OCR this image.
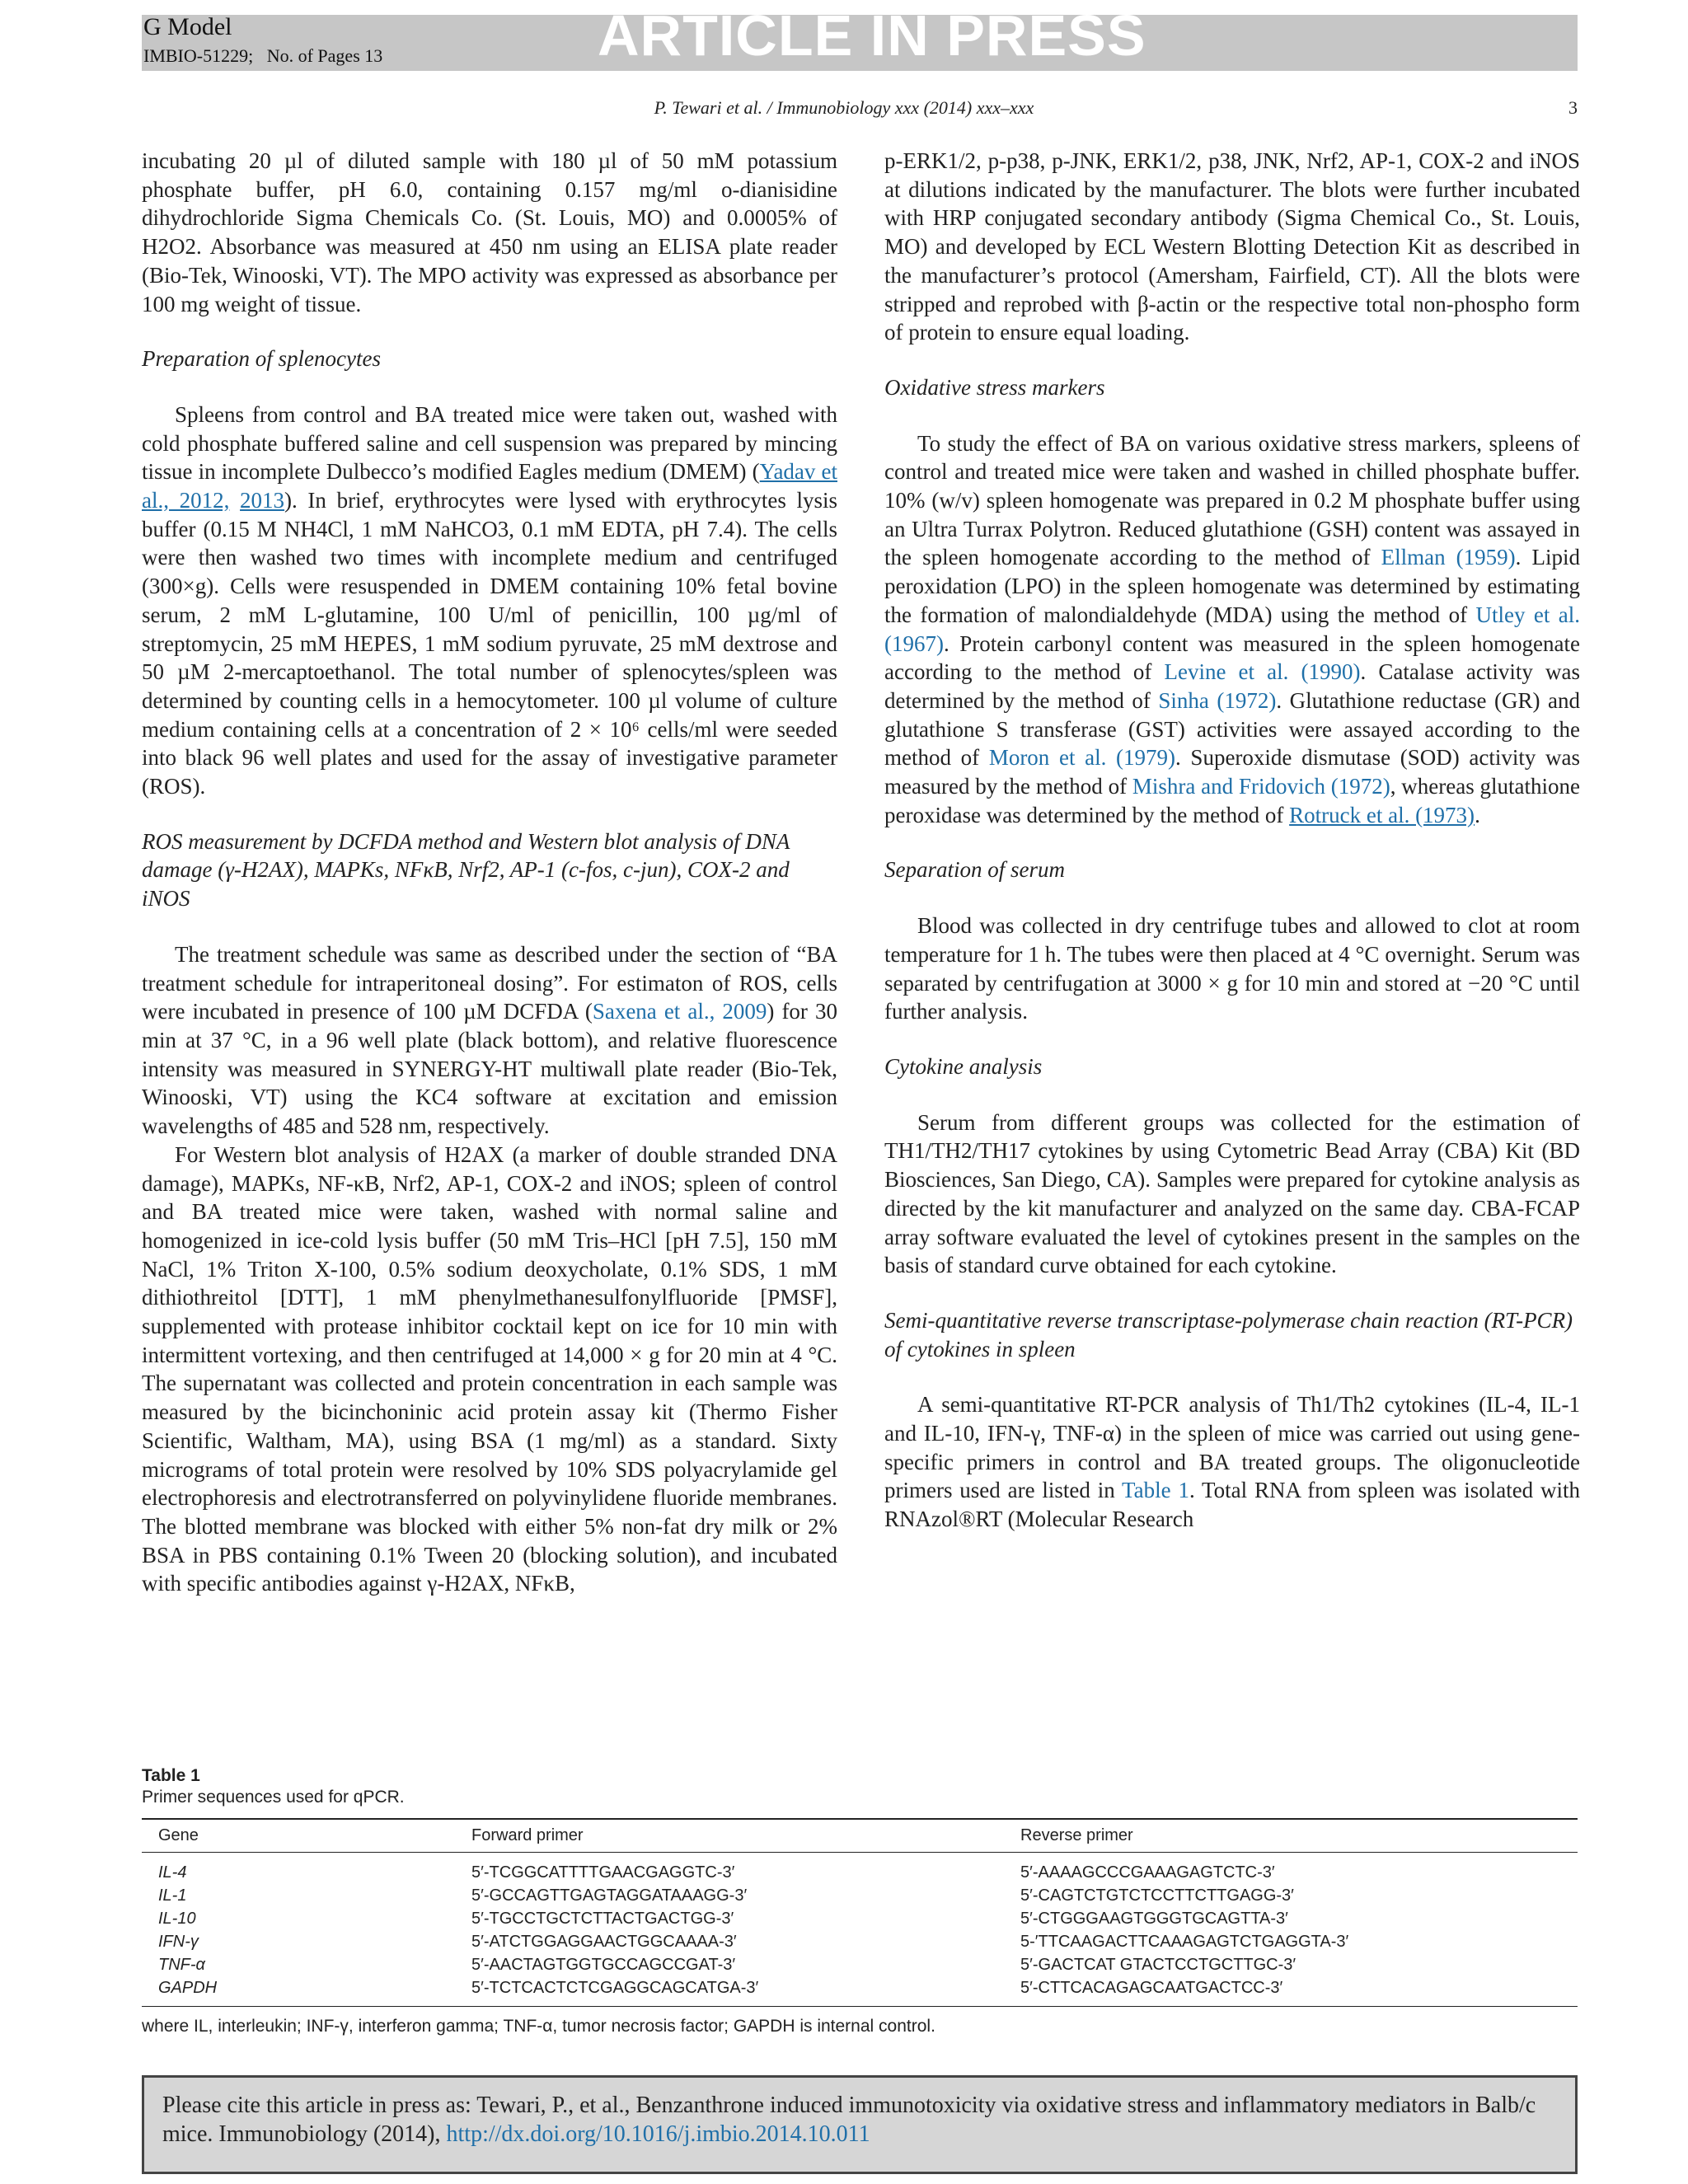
G Model
IMBIO-51229; No. of Pages 13	ARTICLE IN PRESS
P. Tewari et al. / Immunobiology xxx (2014) xxx–xxx	3

incubating 20 µl of diluted sample with 180 µl of 50 mM potassium phosphate buffer, pH 6.0, containing 0.157 mg/ml o-dianisidine dihydrochloride Sigma Chemicals Co. (St. Louis, MO) and 0.0005% of H2O2. Absorbance was measured at 450 nm using an ELISA plate reader (Bio-Tek, Winooski, VT). The MPO activity was expressed as absorbance per 100 mg weight of tissue.

Preparation of splenocytes

Spleens from control and BA treated mice were taken out, washed with cold phosphate buffered saline and cell suspension was prepared by mincing tissue in incomplete Dulbecco’s modified Eagles medium (DMEM) (Yadav et al., 2012, 2013). In brief, erythrocytes were lysed with erythrocytes lysis buffer (0.15 M NH4Cl, 1 mM NaHCO3, 0.1 mM EDTA, pH 7.4). The cells were then washed two times with incomplete medium and centrifuged (300×g). Cells were resuspended in DMEM containing 10% fetal bovine serum, 2 mM L-glutamine, 100 U/ml of penicillin, 100 µg/ml of streptomycin, 25 mM HEPES, 1 mM sodium pyruvate, 25 mM dextrose and 50 µM 2-mercaptoethanol. The total number of splenocytes/spleen was determined by counting cells in a hemocytometer. 100 µl volume of culture medium containing cells at a concentration of 2 × 10⁶ cells/ml were seeded into black 96 well plates and used for the assay of investigative parameter (ROS).

ROS measurement by DCFDA method and Western blot analysis of DNA damage (γ-H2AX), MAPKs, NFκB, Nrf2, AP-1 (c-fos, c-jun), COX-2 and iNOS

The treatment schedule was same as described under the section of “BA treatment schedule for intraperitoneal dosing”. For estimaton of ROS, cells were incubated in presence of 100 µM DCFDA (Saxena et al., 2009) for 30 min at 37 °C, in a 96 well plate (black bottom), and relative fluorescence intensity was measured in SYNERGY-HT multiwall plate reader (Bio-Tek, Winooski, VT) using the KC4 software at excitation and emission wavelengths of 485 and 528 nm, respectively.

For Western blot analysis of H2AX (a marker of double stranded DNA damage), MAPKs, NF-κB, Nrf2, AP-1, COX-2 and iNOS; spleen of control and BA treated mice were taken, washed with normal saline and homogenized in ice-cold lysis buffer (50 mM Tris–HCl [pH 7.5], 150 mM NaCl, 1% Triton X-100, 0.5% sodium deoxycholate, 0.1% SDS, 1 mM dithiothreitol [DTT], 1 mM phenylmethanesulfonylfluoride [PMSF], supplemented with protease inhibitor cocktail kept on ice for 10 min with intermittent vortexing, and then centrifuged at 14,000 × g for 20 min at 4 °C. The supernatant was collected and protein concentration in each sample was measured by the bicinchoninic acid protein assay kit (Thermo Fisher Scientific, Waltham, MA), using BSA (1 mg/ml) as a standard. Sixty micrograms of total protein were resolved by 10% SDS polyacrylamide gel electrophoresis and electrotransferred on polyvinylidene fluoride membranes. The blotted membrane was blocked with either 5% non-fat dry milk or 2% BSA in PBS containing 0.1% Tween 20 (blocking solution), and incubated with specific antibodies against γ-H2AX, NFκB,

p-ERK1/2, p-p38, p-JNK, ERK1/2, p38, JNK, Nrf2, AP-1, COX-2 and iNOS at dilutions indicated by the manufacturer. The blots were further incubated with HRP conjugated secondary antibody (Sigma Chemical Co., St. Louis, MO) and developed by ECL Western Blotting Detection Kit as described in the manufacturer’s protocol (Amersham, Fairfield, CT). All the blots were stripped and reprobed with β-actin or the respective total non-phospho form of protein to ensure equal loading.

Oxidative stress markers

To study the effect of BA on various oxidative stress markers, spleens of control and treated mice were taken and washed in chilled phosphate buffer. 10% (w/v) spleen homogenate was prepared in 0.2 M phosphate buffer using an Ultra Turrax Polytron. Reduced glutathione (GSH) content was assayed in the spleen homogenate according to the method of Ellman (1959). Lipid peroxidation (LPO) in the spleen homogenate was determined by estimating the formation of malondialdehyde (MDA) using the method of Utley et al. (1967). Protein carbonyl content was measured in the spleen homogenate according to the method of Levine et al. (1990). Catalase activity was determined by the method of Sinha (1972). Glutathione reductase (GR) and glutathione S transferase (GST) activities were assayed according to the method of Moron et al. (1979). Superoxide dismutase (SOD) activity was measured by the method of Mishra and Fridovich (1972), whereas glutathione peroxidase was determined by the method of Rotruck et al. (1973).

Separation of serum

Blood was collected in dry centrifuge tubes and allowed to clot at room temperature for 1 h. The tubes were then placed at 4 °C overnight. Serum was separated by centrifugation at 3000 × g for 10 min and stored at −20 °C until further analysis.

Cytokine analysis

Serum from different groups was collected for the estimation of TH1/TH2/TH17 cytokines by using Cytometric Bead Array (CBA) Kit (BD Biosciences, San Diego, CA). Samples were prepared for cytokine analysis as directed by the kit manufacturer and analyzed on the same day. CBA-FCAP array software evaluated the level of cytokines present in the samples on the basis of standard curve obtained for each cytokine.

Semi-quantitative reverse transcriptase-polymerase chain reaction (RT-PCR) of cytokines in spleen

A semi-quantitative RT-PCR analysis of Th1/Th2 cytokines (IL-4, IL-1 and IL-10, IFN-γ, TNF-α) in the spleen of mice was carried out using gene-specific primers in control and BA treated groups. The oligonucleotide primers used are listed in Table 1. Total RNA from spleen was isolated with RNAzol®RT (Molecular Research

Table 1
Primer sequences used for qPCR.
Gene	Forward primer	Reverse primer
IL-4	5′-TCGGCATTTTGAACGAGGTC-3′	5′-AAAAGCCCGAAAGAGTCTC-3′
IL-1	5′-GCCAGTTGAGTAGGATAAAGG-3′	5′-CAGTCTGTCTCCTTCTTGAGG-3′
IL-10	5′-TGCCTGCTCTTACTGACTGG-3′	5′-CTGGGAAGTGGGTGCAGTTA-3′
IFN-γ	5′-ATCTGGAGGAACTGGCAAAA-3′	5-′TTCAAGACTTCAAAGAGTCTGAGGTA-3′
TNF-α	5′-AACTAGTGGTGCCAGCCGAT-3′	5′-GACTCAT GTACTCCTGCTTGC-3′
GAPDH	5′-TCTCACTCTCGAGGCAGCATGA-3′	5′-CTTCACAGAGCAATGACTCC-3′
where IL, interleukin; INF-γ, interferon gamma; TNF-α, tumor necrosis factor; GAPDH is internal control.
Please cite this article in press as: Tewari, P., et al., Benzanthrone induced immunotoxicity via oxidative stress and inflammatory mediators in Balb/c mice. Immunobiology (2014), http://dx.doi.org/10.1016/j.imbio.2014.10.011
